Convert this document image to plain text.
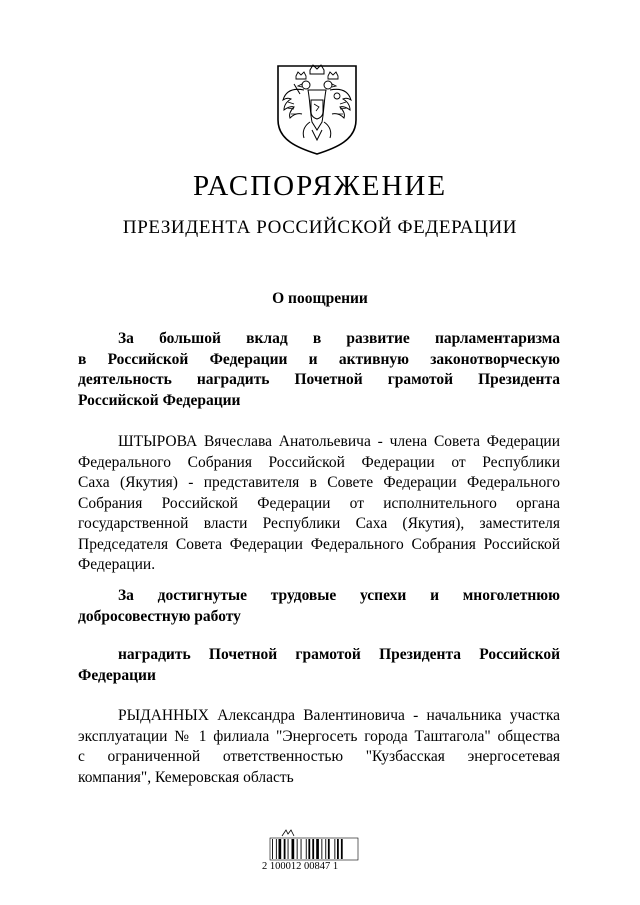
РАСПОРЯЖЕНИЕ
ПРЕЗИДЕНТА РОССИЙСКОЙ ФЕДЕРАЦИИ
О поощрении
За большой вклад в развитие парламентаризма
в Российской Федерации и активную законотворческую
деятельность наградить Почетной грамотой Президента
Российской Федерации
ШТЫРОВА Вячеслава Анатольевича - члена Совета Федерации
Федерального Собрания Российской Федерации от Республики
Саха (Якутия) - представителя в Совете Федерации Федерального
Собрания Российской Федерации от исполнительного органа
государственной власти Республики Саха (Якутия), заместителя
Председателя Совета Федерации Федерального Собрания Российской
Федерации.
За достигнутые трудовые успехи и многолетнюю
добросовестную работу
наградить Почетной грамотой Президента Российской
Федерации
РЫДАННЫХ Александра Валентиновича - начальника участка
эксплуатации № 1 филиала "Энергосеть города Таштагола" общества
с ограниченной ответственностью "Кузбасская энергосетевая
компания", Кемеровская область
2 100012 00847 1
